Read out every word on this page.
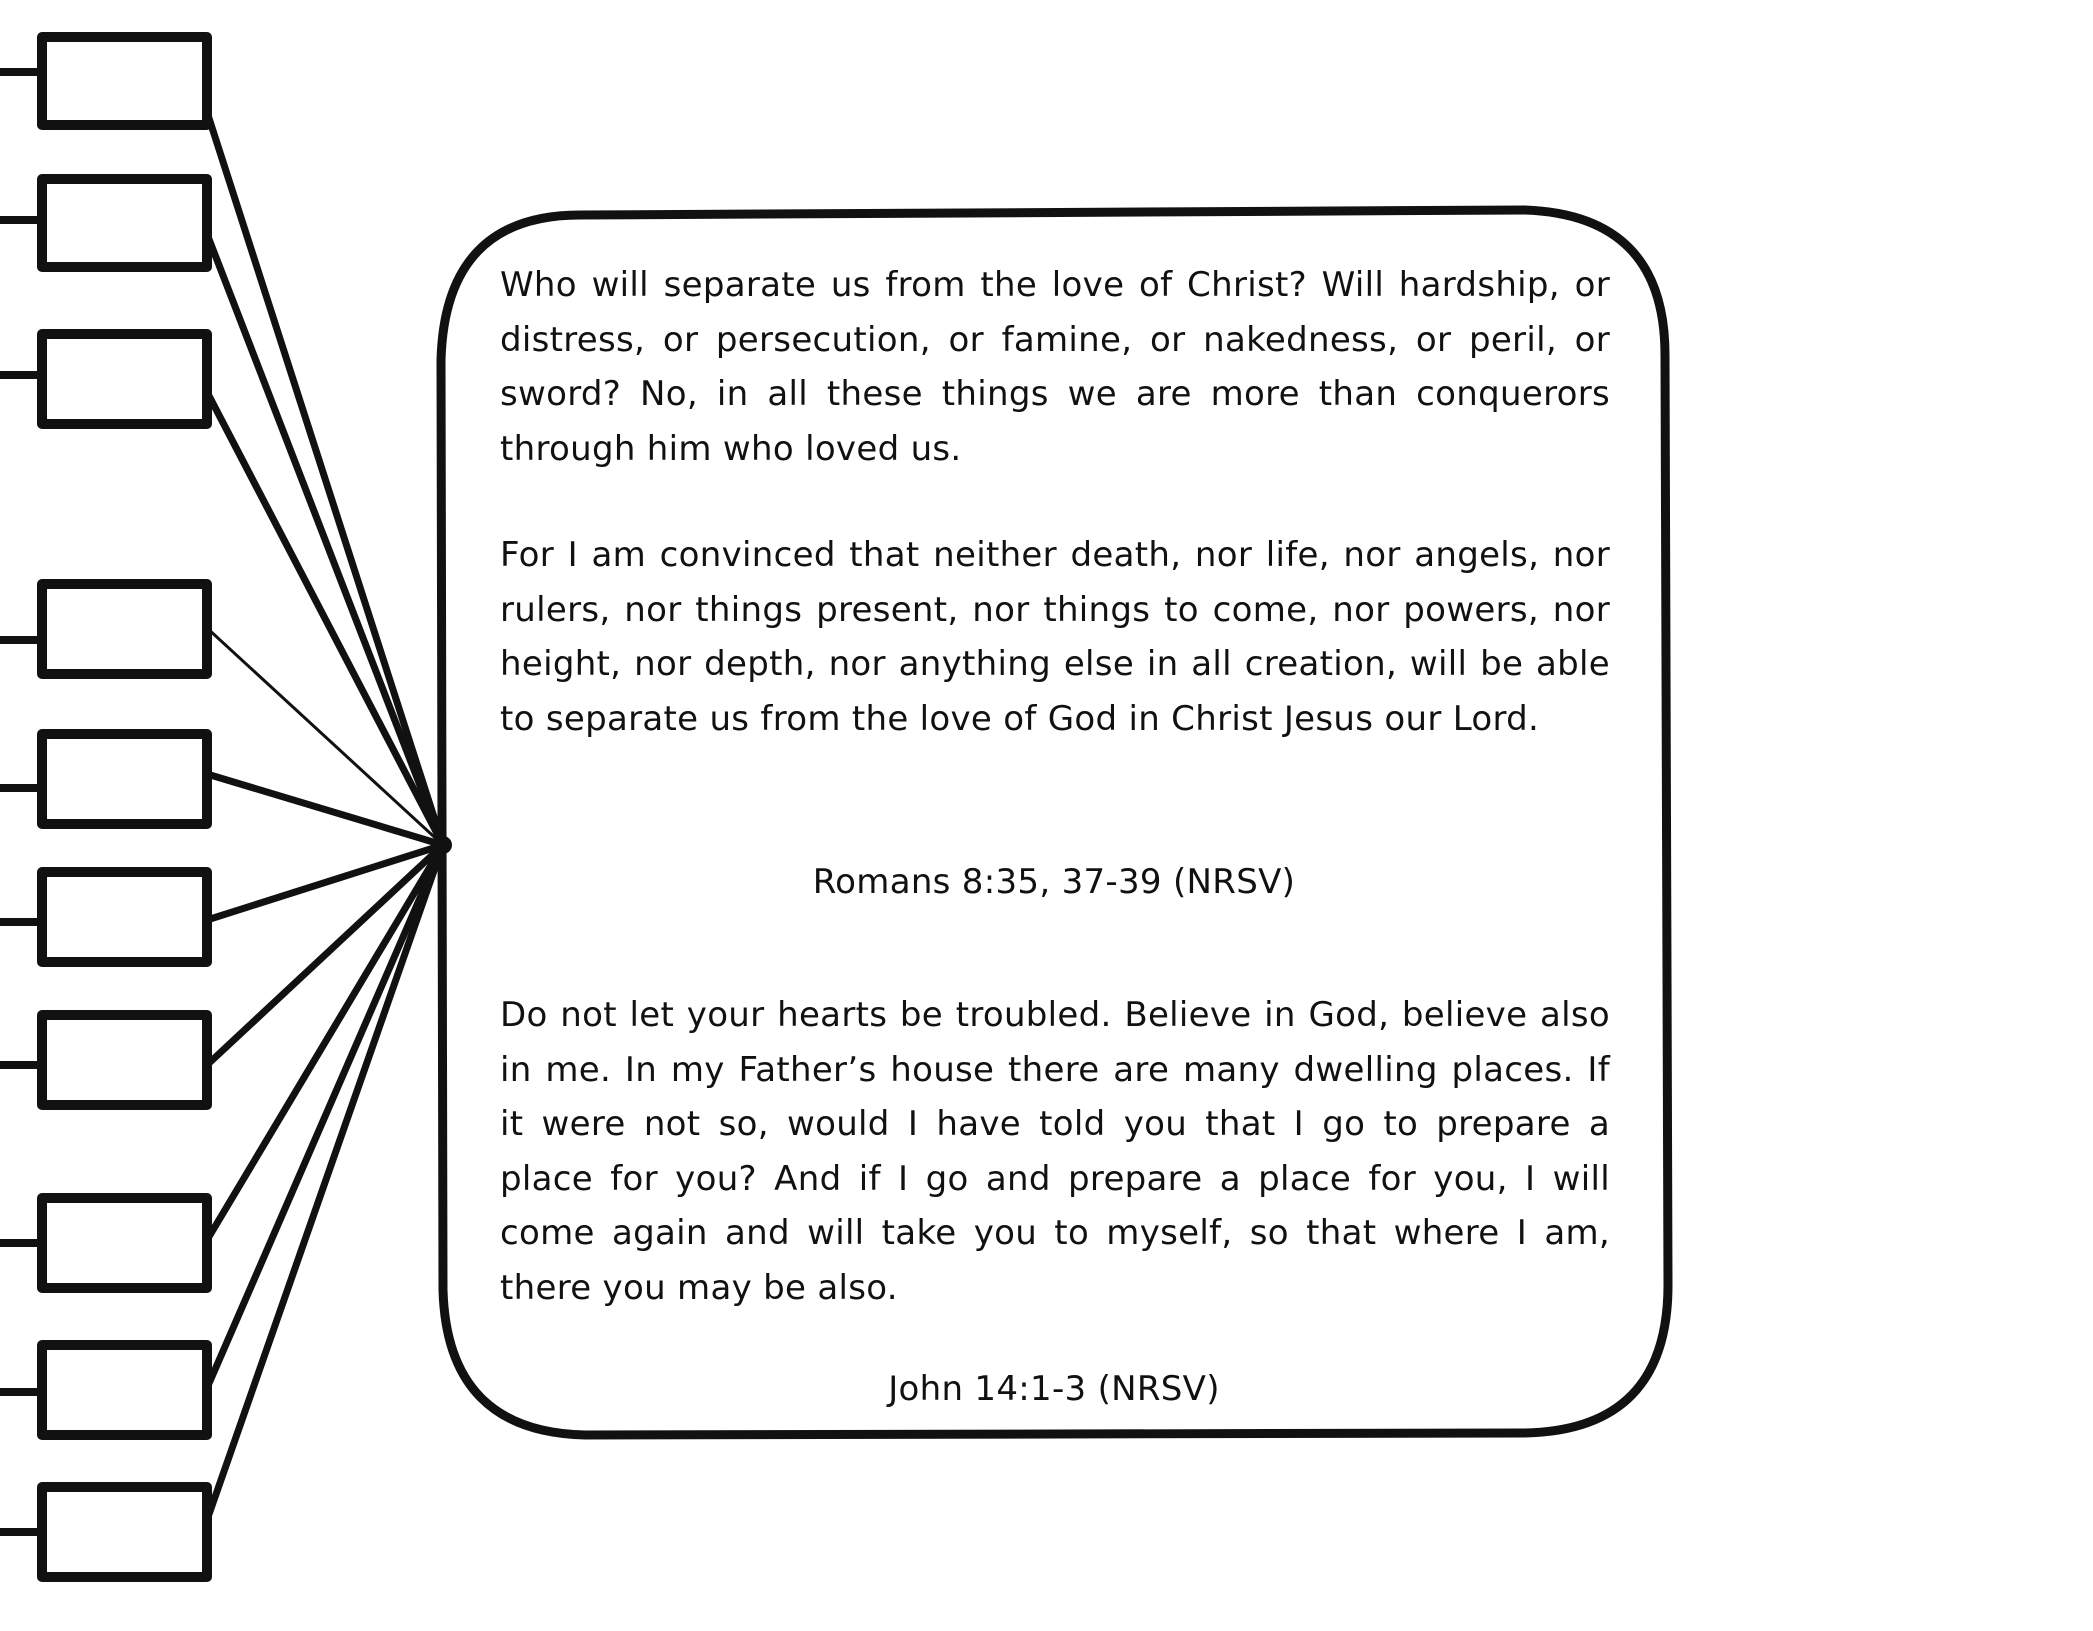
Who will separate us from the love of Christ? Will hardship, or distress, or persecution, or famine, or nakedness, or peril, or sword? No, in all these things we are more than conquerors through him who loved us.

For I am convinced that neither death, nor life, nor angels, nor rulers, nor things present, nor things to come, nor powers, nor height, nor depth, nor anything else in all creation, will be able to separate us from the love of God in Christ Jesus our Lord.

Romans 8:35, 37-39 (NRSV)

Do not let your hearts be troubled. Believe in God, believe also in me. In my Father’s house there are many dwelling places. If it were not so, would I have told you that I go to prepare a place for you? And if I go and prepare a place for you, I will come again and will take you to myself, so that where I am, there you may be also.

John 14:1-3 (NRSV)
